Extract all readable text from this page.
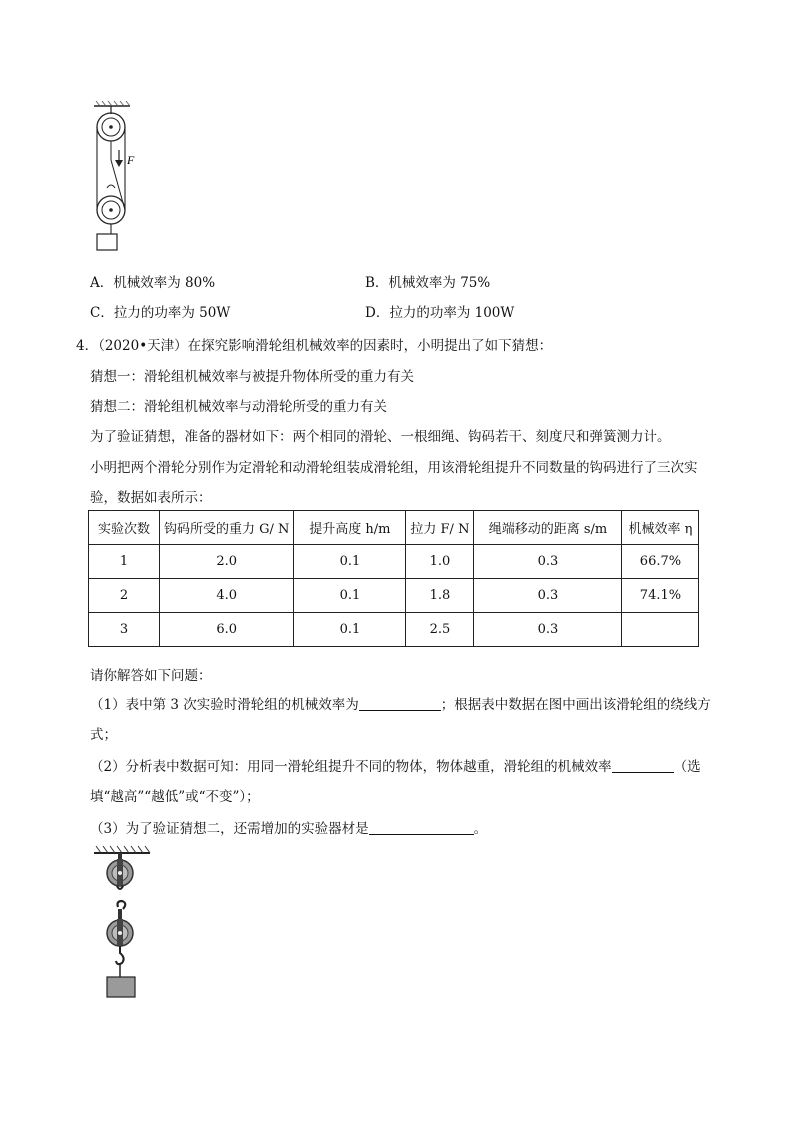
F
A．机械效率为 80%	B．机械效率为 75%
C．拉力的功率为 50W	D．拉力的功率为 100W
4．（2020•天津）在探究影响滑轮组机械效率的因素时，小明提出了如下猜想：
猜想一：滑轮组机械效率与被提升物体所受的重力有关
猜想二：滑轮组机械效率与动滑轮所受的重力有关
为了验证猜想，准备的器材如下：两个相同的滑轮、一根细绳、钩码若干、刻度尺和弹簧测力计。
小明把两个滑轮分别作为定滑轮和动滑轮组装成滑轮组，用该滑轮组提升不同数量的钩码进行了三次实
验，数据如表所示：
实验次数	钩码所受的重力 G/ N	提升高度 h/m	拉力 F/ N	绳端移动的距离 s/m	机械效率 η
1	2.0	0.1	1.0	0.3	66.7%
2	4.0	0.1	1.8	0.3	74.1%
3	6.0	0.1	2.5	0.3	
请你解答如下问题：
（1）表中第 3 次实验时滑轮组的机械效率为	；根据表中数据在图中画出该滑轮组的绕线方
式；
（2）分析表中数据可知：用同一滑轮组提升不同的物体，物体越重，滑轮组的机械效率	（选
填“越高”“越低”或“不变”）；
（3）为了验证猜想二，还需增加的实验器材是	。
